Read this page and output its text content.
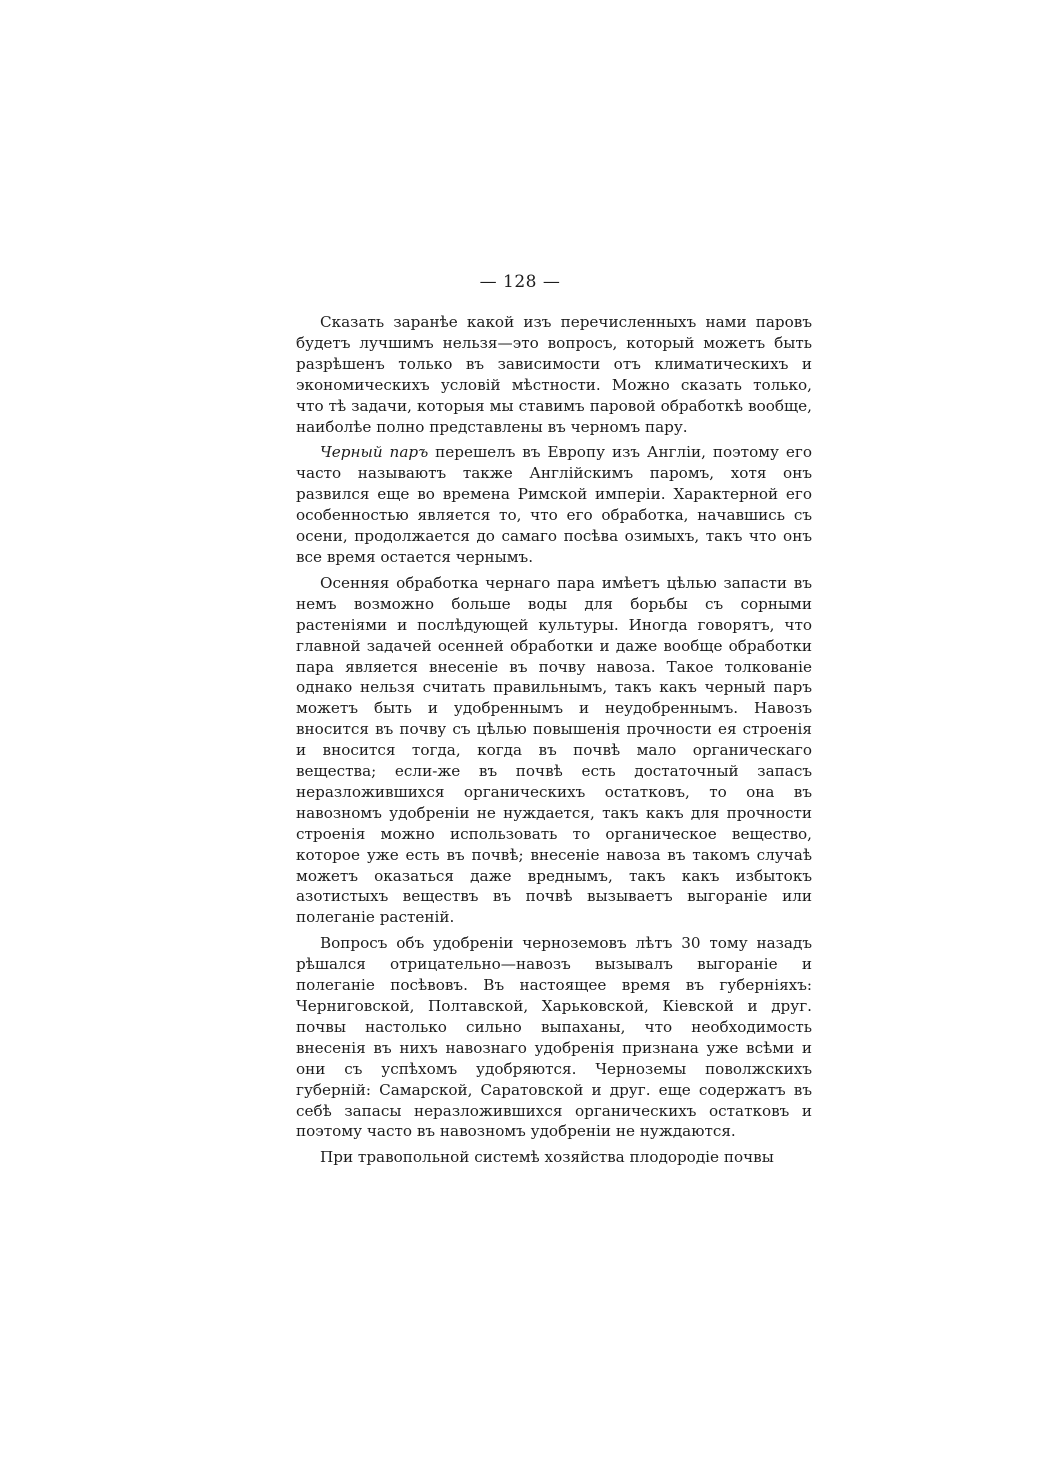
— 128 —

Сказать заранѣе какой изъ перечисленныхъ нами паровъ будетъ лучшимъ нельзя—это вопросъ, который можетъ быть разрѣшенъ только въ зависимости отъ климатическихъ и экономическихъ условій мѣстности. Можно сказать только, что тѣ задачи, которыя мы ставимъ паровой обработкѣ вообще, наиболѣе полно представлены въ черномъ пару.

Черный паръ перешелъ въ Европу изъ Англіи, поэтому его часто называютъ также Англійскимъ паромъ, хотя онъ развился еще во времена Римской имперіи. Характерной его особенностью является то, что его обработка, начавшись съ осени, продолжается до самаго посѣва озимыхъ, такъ что онъ все время остается чернымъ.

Осенняя обработка чернаго пара имѣетъ цѣлью запасти въ немъ возможно больше воды для борьбы съ сорными растеніями и послѣдующей культуры. Иногда говорятъ, что главной задачей осенней обработки и даже вообще обработки пара является внесеніе въ почву навоза. Такое толкованіе однако нельзя считать правильнымъ, такъ какъ черный паръ можетъ быть и удобреннымъ и неудобреннымъ. Навозъ вносится въ почву съ цѣлью повышенія прочности ея строенія и вносится тогда, когда въ почвѣ мало органическаго вещества; если-же въ почвѣ есть достаточный запасъ неразложившихся органическихъ остатковъ, то она въ навозномъ удобреніи не нуждается, такъ какъ для прочности строенія можно использовать то органическое вещество, которое уже есть въ почвѣ; внесеніе навоза въ такомъ случаѣ можетъ оказаться даже вреднымъ, такъ какъ избытокъ азотистыхъ веществъ въ почвѣ вызываетъ выгораніе или полеганіе растеній.

Вопросъ объ удобреніи черноземовъ лѣтъ 30 тому назадъ рѣшался отрицательно—навозъ вызывалъ выгораніе и полеганіе посѣвовъ. Въ настоящее время въ губерніяхъ: Черниговской, Полтавской, Харьковской, Кіевской и друг. почвы настолько сильно выпаханы, что необходимость внесенія въ нихъ навознаго удобренія признана уже всѣми и они съ успѣхомъ удобряются. Черноземы поволжскихъ губерній: Самарской, Саратовской и друг. еще содержатъ въ себѣ запасы неразложившихся органическихъ остатковъ и поэтому часто въ навозномъ удобреніи не нуждаются.

При травопольной системѣ хозяйства плодородіе почвы
